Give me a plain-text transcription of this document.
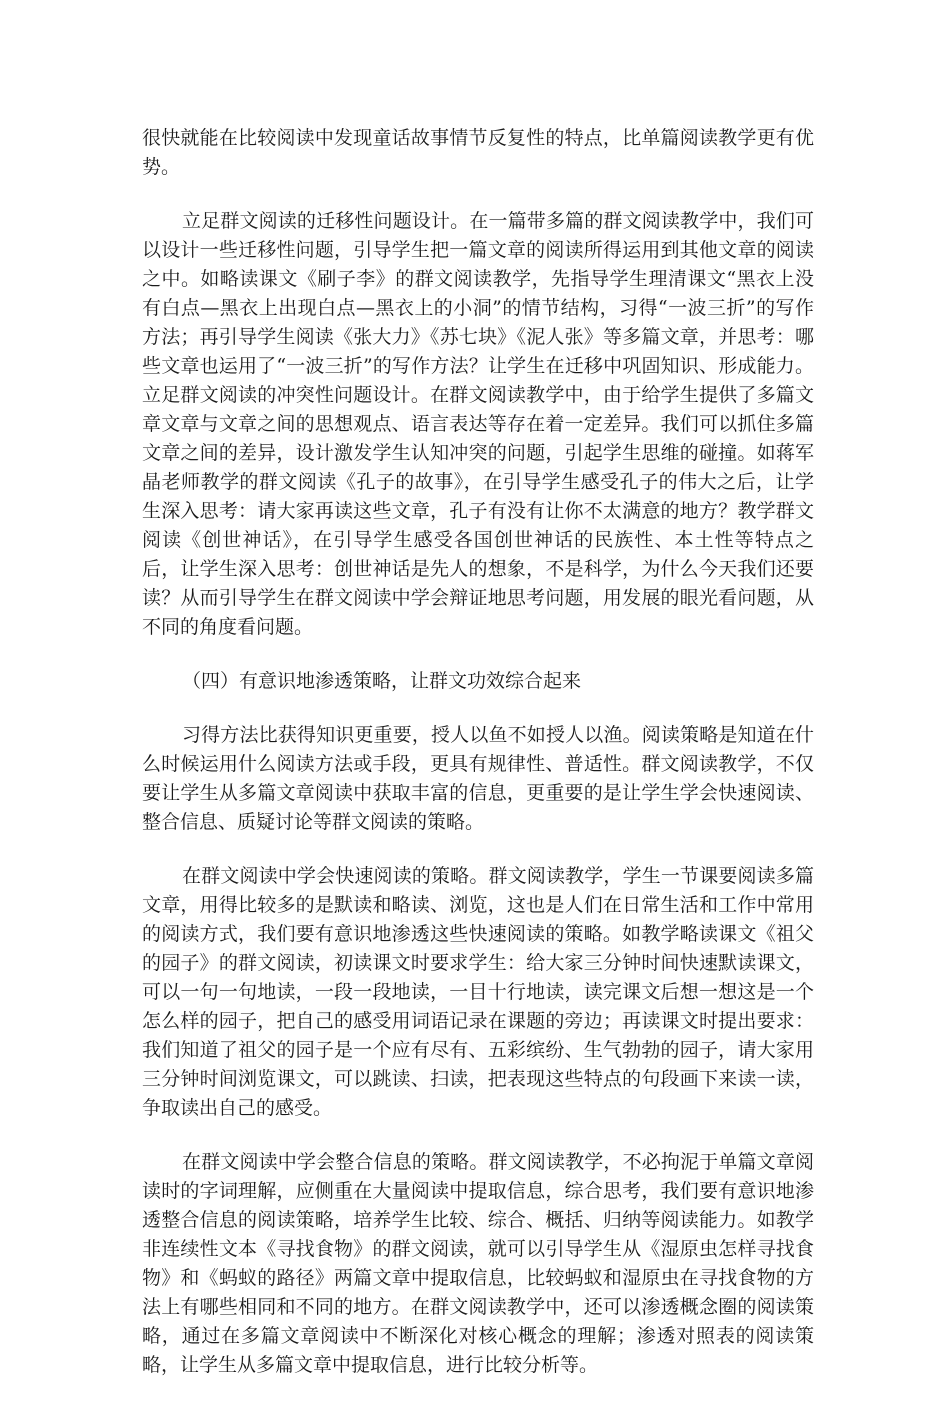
很快就能在比较阅读中发现童话故事情节反复性的特点，比单篇阅读教学更有优势。

立足群文阅读的迁移性问题设计。在一篇带多篇的群文阅读教学中，我们可以设计一些迁移性问题，引导学生把一篇文章的阅读所得运用到其他文章的阅读之中。如略读课文《刷子李》的群文阅读教学，先指导学生理清课文“黑衣上没有白点—黑衣上出现白点—黑衣上的小洞”的情节结构，习得“一波三折”的写作方法；再引导学生阅读《张大力》《苏七块》《泥人张》等多篇文章，并思考：哪些文章也运用了“一波三折”的写作方法？让学生在迁移中巩固知识、形成能力。立足群文阅读的冲突性问题设计。在群文阅读教学中，由于给学生提供了多篇文章文章与文章之间的思想观点、语言表达等存在着一定差异。我们可以抓住多篇文章之间的差异，设计激发学生认知冲突的问题，引起学生思维的碰撞。如蒋军晶老师教学的群文阅读《孔子的故事》，在引导学生感受孔子的伟大之后，让学生深入思考：请大家再读这些文章，孔子有没有让你不太满意的地方？教学群文阅读《创世神话》，在引导学生感受各国创世神话的民族性、本土性等特点之后，让学生深入思考：创世神话是先人的想象，不是科学，为什么今天我们还要读？从而引导学生在群文阅读中学会辩证地思考问题，用发展的眼光看问题，从不同的角度看问题。

（四）有意识地渗透策略，让群文功效综合起来

习得方法比获得知识更重要，授人以鱼不如授人以渔。阅读策略是知道在什么时候运用什么阅读方法或手段，更具有规律性、普适性。群文阅读教学，不仅要让学生从多篇文章阅读中获取丰富的信息，更重要的是让学生学会快速阅读、整合信息、质疑讨论等群文阅读的策略。

在群文阅读中学会快速阅读的策略。群文阅读教学，学生一节课要阅读多篇文章，用得比较多的是默读和略读、浏览，这也是人们在日常生活和工作中常用的阅读方式，我们要有意识地渗透这些快速阅读的策略。如教学略读课文《祖父的园子》的群文阅读，初读课文时要求学生：给大家三分钟时间快速默读课文，可以一句一句地读，一段一段地读，一目十行地读，读完课文后想一想这是一个怎么样的园子，把自己的感受用词语记录在课题的旁边；再读课文时提出要求：我们知道了祖父的园子是一个应有尽有、五彩缤纷、生气勃勃的园子，请大家用三分钟时间浏览课文，可以跳读、扫读，把表现这些特点的句段画下来读一读，争取读出自己的感受。

在群文阅读中学会整合信息的策略。群文阅读教学，不必拘泥于单篇文章阅读时的字词理解，应侧重在大量阅读中提取信息，综合思考，我们要有意识地渗透整合信息的阅读策略，培养学生比较、综合、概括、归纳等阅读能力。如教学非连续性文本《寻找食物》的群文阅读，就可以引导学生从《湿原虫怎样寻找食物》和《蚂蚁的路径》两篇文章中提取信息，比较蚂蚁和湿原虫在寻找食物的方法上有哪些相同和不同的地方。在群文阅读教学中，还可以渗透概念圈的阅读策略，通过在多篇文章阅读中不断深化对核心概念的理解；渗透对照表的阅读策略，让学生从多篇文章中提取信息，进行比较分析等。
